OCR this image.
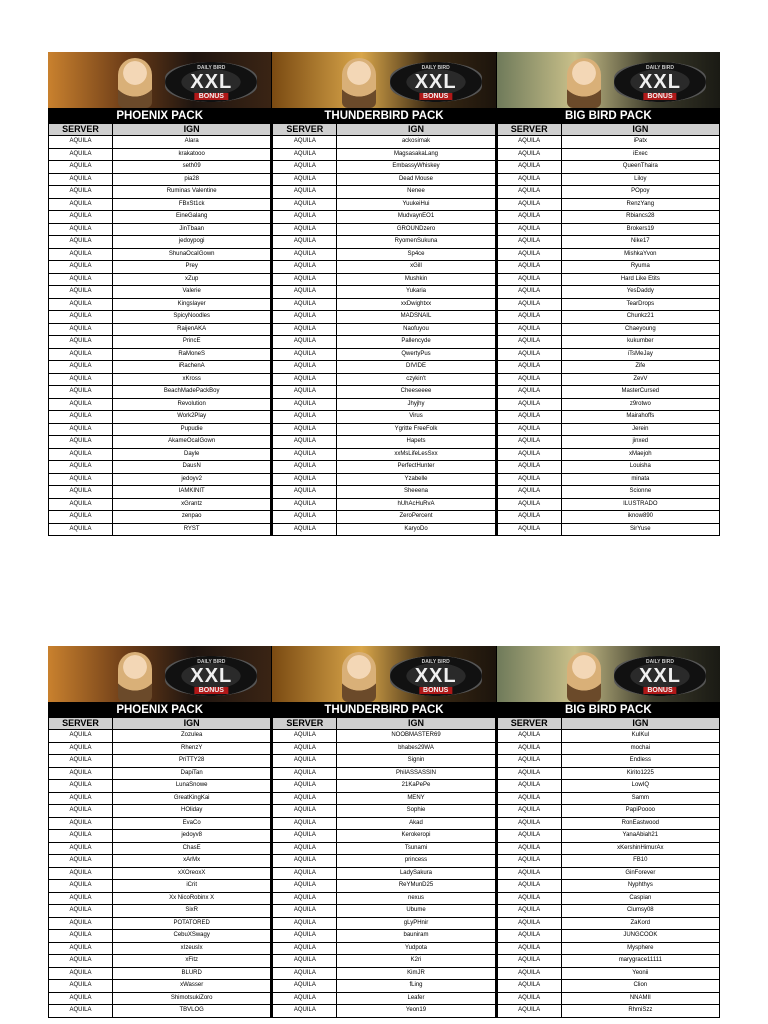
DAILY BIRD
XXL
BONUS
PHOENIX PACK
SERVER	IGN
AQUILA	Alara
AQUILA	krakatooo
AQUILA	seth09
AQUILA	pia28
AQUILA	Ruminas Valentine
AQUILA	FBxSt1ck
AQUILA	EineGalang
AQUILA	JinTbaan
AQUILA	jedoypogi
AQUILA	ShunaOcaIGown
AQUILA	Prey
AQUILA	xZup
AQUILA	Valerie
AQUILA	Kingslayer
AQUILA	SpicyNoodles
AQUILA	RaijenAKA
AQUILA	PrincE
AQUILA	RaMoneS
AQUILA	iRachenA
AQUILA	xKross
AQUILA	BeachMadePackBoy
AQUILA	Revolution
AQUILA	Work2Play
AQUILA	Pupudie
AQUILA	AkameOcaIGown
AQUILA	Dayle
AQUILA	DausN
AQUILA	jedoyv2
AQUILA	IAMKINIT
AQUILA	xGrantz
AQUILA	zenpao
AQUILA	RYST
DAILY BIRD
XXL
BONUS
THUNDERBIRD PACK
SERVER	IGN
AQUILA	ackosimak
AQUILA	MagsasakaLang
AQUILA	EmbassyWhiskey
AQUILA	Dead Mouse
AQUILA	Nenee
AQUILA	YuukeiHui
AQUILA	MudvaynEO1
AQUILA	GROUNDzero
AQUILA	RyomenSukuna
AQUILA	Sp4ce
AQUILA	xGill
AQUILA	Mushkin
AQUILA	Yukaria
AQUILA	xxDwightxx
AQUILA	MADSNAIL
AQUILA	Naofuyou
AQUILA	Pallencyde
AQUILA	QwertyPus
AQUILA	DIVIDE
AQUILA	czykin't
AQUILA	Cheeseeee
AQUILA	Jhyjhy
AQUILA	Virus
AQUILA	Ygritte FreeFolk
AQUILA	Hapets
AQUILA	xxMsLifeLesSxx
AQUILA	PerfectHunter
AQUILA	Yzabelle
AQUILA	Sheeena
AQUILA	hUhAcHuRvA
AQUILA	ZeroPercent
AQUILA	KaryoDo
DAILY BIRD
XXL
BONUS
BIG BIRD PACK
SERVER	IGN
AQUILA	iPatx
AQUILA	iExec
AQUILA	QueenThaira
AQUILA	Liloy
AQUILA	POpoy
AQUILA	RenzYang
AQUILA	Rbiancs28
AQUILA	Brokers19
AQUILA	Nike17
AQUILA	MishkaYvon
AQUILA	Ryuma
AQUILA	Hard Like Etits
AQUILA	YesDaddy
AQUILA	TearDrops
AQUILA	Chunkz21
AQUILA	Chaeyoung
AQUILA	kukumber
AQUILA	iTsMeJay
AQUILA	Zife
AQUILA	ZevV
AQUILA	MasterCursed
AQUILA	z9rotwo
AQUILA	Mairahoffs
AQUILA	Jerein
AQUILA	jinxed
AQUILA	xMaejoh
AQUILA	Louisha
AQUILA	minata
AQUILA	Scionne
AQUILA	ILUSTRADO
AQUILA	iknow890
AQUILA	SirYuse
DAILY BIRD
XXL
BONUS
PHOENIX PACK
SERVER	IGN
AQUILA	Zozulea
AQUILA	RhenzY
AQUILA	PriTTY28
AQUILA	DapiTan
AQUILA	LunaSnowe
AQUILA	GreatKingKai
AQUILA	HOliday
AQUILA	EvaCo
AQUILA	jedoyv8
AQUILA	ChasE
AQUILA	xArMx
AQUILA	xXOreoxX
AQUILA	iCrit
AQUILA	Xx NicoRobinx X
AQUILA	SixR
AQUILA	POTATORED
AQUILA	CebuXSwagy
AQUILA	xIzeusIx
AQUILA	xFitz
AQUILA	BLURD
AQUILA	xWasser
AQUILA	ShimotsukiZoro
AQUILA	TBVLOG
DAILY BIRD
XXL
BONUS
THUNDERBIRD PACK
SERVER	IGN
AQUILA	NOOBMASTER69
AQUILA	bhabes29WA
AQUILA	Signin
AQUILA	PhilASSASSIN
AQUILA	21KaPePe
AQUILA	MENY
AQUILA	Sophie
AQUILA	Akad
AQUILA	Kerokeropi
AQUILA	Tsunami
AQUILA	princess
AQUILA	LadySakura
AQUILA	ReYMunD25
AQUILA	nexus
AQUILA	Ubume
AQUILA	gLyPHnir
AQUILA	bauniram
AQUILA	Yudpota
AQUILA	K2ri
AQUILA	KimJR
AQUILA	fLing
AQUILA	Leafer
AQUILA	Yeon19
DAILY BIRD
XXL
BONUS
BIG BIRD PACK
SERVER	IGN
AQUILA	KulKul
AQUILA	mochai
AQUILA	Endless
AQUILA	Kirito1225
AQUILA	LowIQ
AQUILA	Samm
AQUILA	PapiPoooo
AQUILA	RonEastwood
AQUILA	YanaAbiah21
AQUILA	xKershinHimurAx
AQUILA	FB10
AQUILA	GinForever
AQUILA	Nyphthys
AQUILA	Caspian
AQUILA	Clumsy08
AQUILA	ZaKord
AQUILA	JUNGCOOK
AQUILA	Mysphere
AQUILA	marygrace11111
AQUILA	Yeonii
AQUILA	Clion
AQUILA	NNAMII
AQUILA	RhmiSzz
